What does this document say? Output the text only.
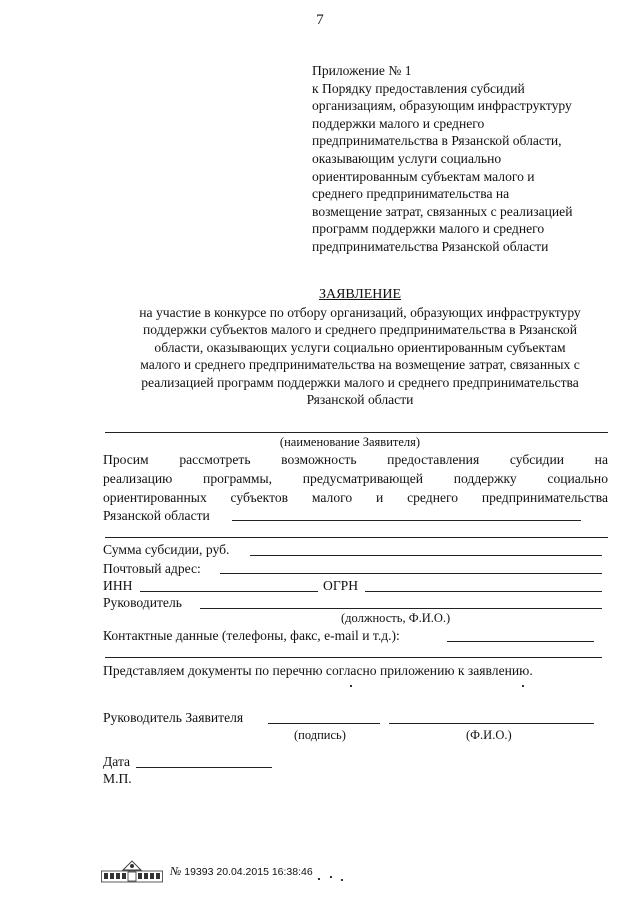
7
Приложение № 1
к Порядку предоставления субсидий
организациям, образующим инфраструктуру
поддержки малого и среднего
предпринимательства в Рязанской области,
оказывающим услуги социально
ориентированным субъектам малого и
среднего предпринимательства на
возмещение затрат, связанных с реализацией
программ поддержки малого и среднего
предпринимательства Рязанской области
ЗАЯВЛЕНИЕ
на участие в конкурсе по отбору организаций, образующих инфраструктуру
поддержки субъектов малого и среднего предпринимательства в Рязанской
области, оказывающих услуги социально ориентированным субъектам
малого и среднего предпринимательства на возмещение затрат, связанных с
реализацией программ поддержки малого и среднего предпринимательства
Рязанской области
(наименование Заявителя)
Просим рассмотреть возможность предоставления субсидии на
реализацию программы, предусматривающей поддержку социально
ориентированных субъектов малого и среднего предпринимательства
Рязанской области
Сумма субсидии, руб.
Почтовый адрес:
ИНН	ОГРН
Руководитель
(должность, Ф.И.О.)
Контактные данные (телефоны, факс, e-mail и т.д.):
Представляем документы по перечню согласно приложению к заявлению.
Руководитель Заявителя
(подпись)	(Ф.И.О.)
Дата
М.П.
№ 19393 20.04.2015 16:38:46
